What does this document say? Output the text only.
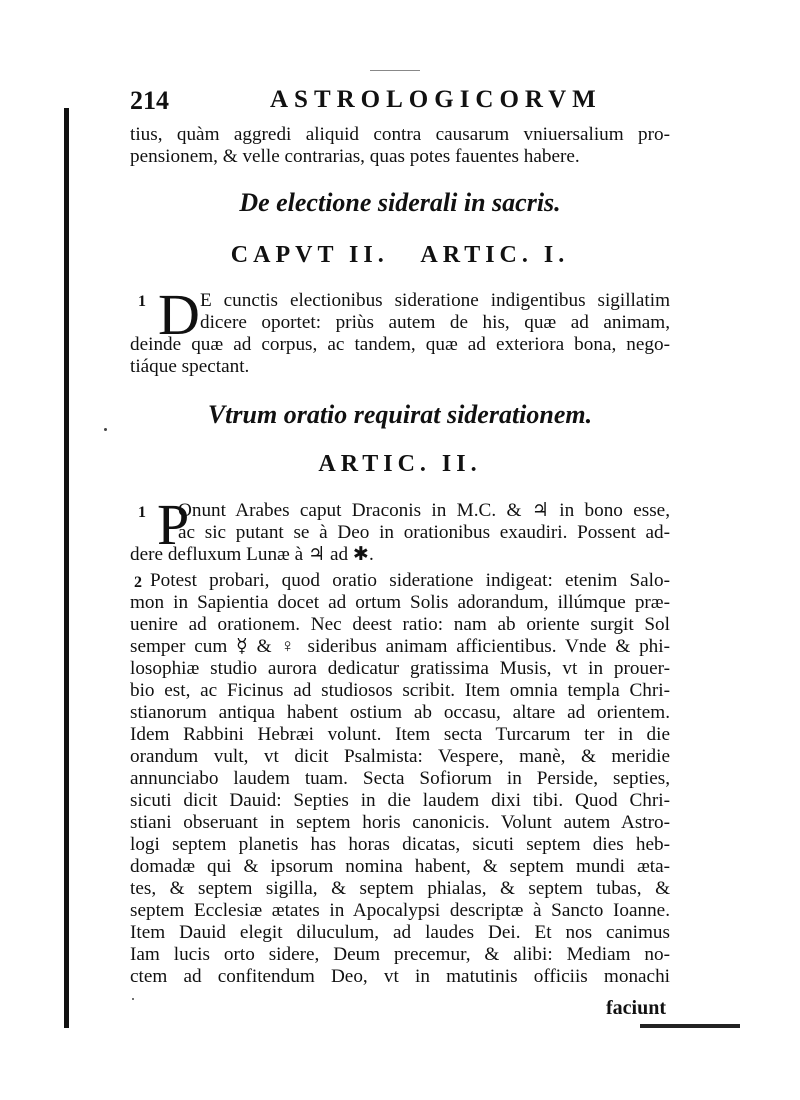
214	ASTROLOGICORVM
tius, quàm aggredi aliquid contra causarum vniuersalium pro-
pensionem, & velle contrarias, quas potes fauentes habere.
De electione siderali in sacris.
CAPVT II.   ARTIC. I.
1 D E cunctis electionibus sideratione indigentibus sigillatim
dicere oportet: priùs autem de his, quæ ad animam,
deinde quæ ad corpus, ac tandem, quæ ad exteriora bona, nego-
tiáque spectant.
Vtrum oratio requirat siderationem.
ARTIC. II.
1 P
Onunt Arabes caput Draconis in M.C. & ♃ in bono esse,
ac sic putant se à Deo in orationibus exaudiri. Possent ad-
dere defluxum Lunæ à ♃ ad ✱.
2 Potest probari, quod oratio sideratione indigeat: etenim Salo-
mon in Sapientia docet ad ortum Solis adorandum, illúmque præ-
uenire ad orationem. Nec deest ratio: nam ab oriente surgit Sol
semper cum ☿ & ♀ sideribus animam afficientibus. Vnde & phi-
losophiæ studio aurora dedicatur gratissima Musis, vt in prouer-
bio est, ac Ficinus ad studiosos scribit. Item omnia templa Chri-
stianorum antiqua habent ostium ab occasu, altare ad orientem.
Idem Rabbini Hebræi volunt. Item secta Turcarum ter in die
orandum vult, vt dicit Psalmista: Vespere, manè, & meridie
annunciabo laudem tuam. Secta Sofiorum in Perside, septies,
sicuti dicit Dauid: Septies in die laudem dixi tibi. Quod Chri-
stiani obseruant in septem horis canonicis. Volunt autem Astro-
logi septem planetis has horas dicatas, sicuti septem dies heb-
domadæ qui & ipsorum nomina habent, & septem mundi æta-
tes, & septem sigilla, & septem phialas, & septem tubas, &
septem Ecclesiæ ætates in Apocalypsi descriptæ à Sancto Ioanne.
Item Dauid elegit diluculum, ad laudes Dei. Et nos canimus
Iam lucis orto sidere, Deum precemur, & alibi: Mediam no-
ctem ad confitendum Deo, vt in matutinis officiis monachi
faciunt
